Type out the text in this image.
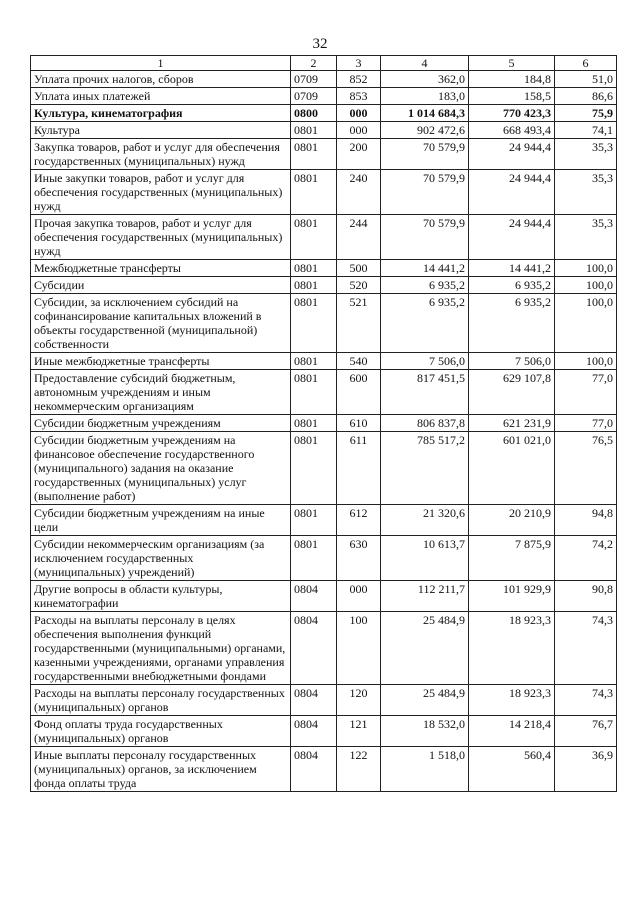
32
1	2	3	4	5	6
Уплата прочих налогов, сборов	0709	852	362,0	184,8	51,0
Уплата иных платежей	0709	853	183,0	158,5	86,6
Культура, кинематография	0800	000	1 014 684,3	770 423,3	75,9
Культура	0801	000	902 472,6	668 493,4	74,1
Закупка товаров, работ и услуг для обеспечения государственных (муниципальных) нужд	0801	200	70 579,9	24 944,4	35,3
Иные закупки товаров, работ и услуг для обеспечения государственных (муниципальных) нужд	0801	240	70 579,9	24 944,4	35,3
Прочая закупка товаров, работ и услуг для обеспечения государственных (муниципальных) нужд	0801	244	70 579,9	24 944,4	35,3
Межбюджетные трансферты	0801	500	14 441,2	14 441,2	100,0
Субсидии	0801	520	6 935,2	6 935,2	100,0
Субсидии, за исключением субсидий на софинансирование капитальных вложений в объекты государственной (муниципальной) собственности	0801	521	6 935,2	6 935,2	100,0
Иные межбюджетные трансферты	0801	540	7 506,0	7 506,0	100,0
Предоставление субсидий бюджетным, автономным учреждениям и иным некоммерческим организациям	0801	600	817 451,5	629 107,8	77,0
Субсидии бюджетным учреждениям	0801	610	806 837,8	621 231,9	77,0
Субсидии бюджетным учреждениям на финансовое обеспечение государственного (муниципального) задания на оказание государственных (муниципальных) услуг (выполнение работ)	0801	611	785 517,2	601 021,0	76,5
Субсидии бюджетным учреждениям на иные цели	0801	612	21 320,6	20 210,9	94,8
Субсидии некоммерческим организациям (за исключением государственных (муниципальных) учреждений)	0801	630	10 613,7	7 875,9	74,2
Другие вопросы в области культуры, кинематографии	0804	000	112 211,7	101 929,9	90,8
Расходы на выплаты персоналу в целях обеспечения выполнения функций государственными (муниципальными) органами, казенными учреждениями, органами управления государственными внебюджетными фондами	0804	100	25 484,9	18 923,3	74,3
Расходы на выплаты персоналу государственных (муниципальных) органов	0804	120	25 484,9	18 923,3	74,3
Фонд оплаты труда государственных (муниципальных) органов	0804	121	18 532,0	14 218,4	76,7
Иные выплаты персоналу государственных (муниципальных) органов, за исключением фонда оплаты труда	0804	122	1 518,0	560,4	36,9
